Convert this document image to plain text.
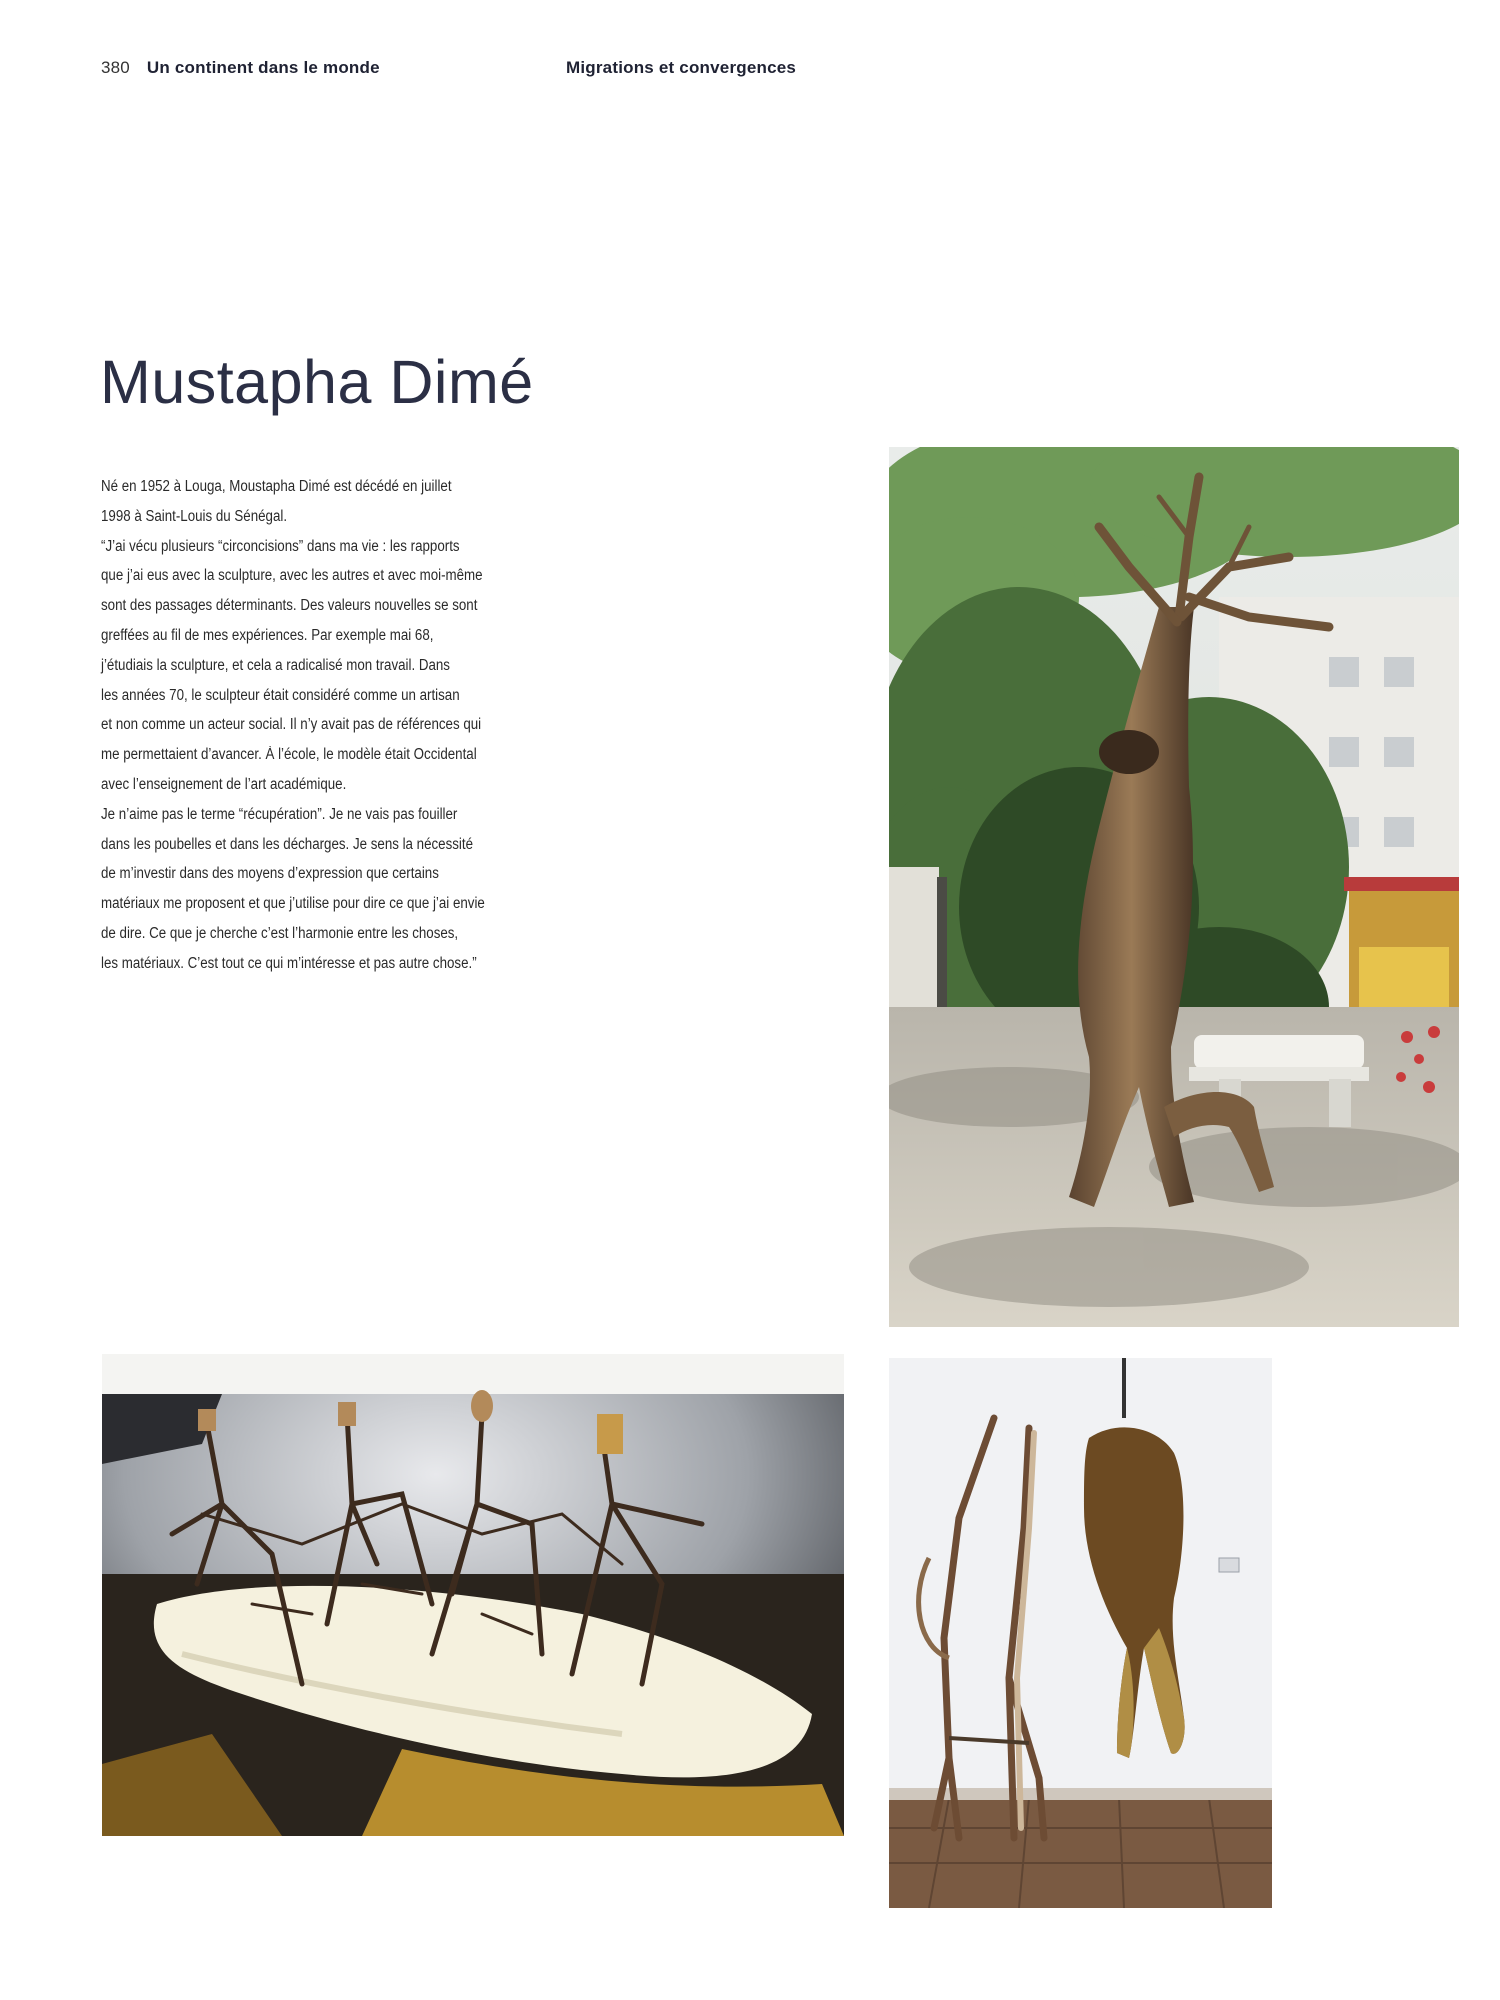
380 Un continent dans le monde	Migrations et convergences
Mustapha Dimé
Né en 1952 à Louga, Moustapha Dimé est décédé en juillet
1998 à Saint-Louis du Sénégal.
“J’ai vécu plusieurs “circoncisions” dans ma vie : les rapports
que j’ai eus avec la sculpture, avec les autres et avec moi-même
sont des passages déterminants. Des valeurs nouvelles se sont
greffées au fil de mes expériences. Par exemple mai 68,
j’étudiais la sculpture, et cela a radicalisé mon travail. Dans
les années 70, le sculpteur était considéré comme un artisan
et non comme un acteur social. Il n’y avait pas de références qui
me permettaient d’avancer. À l’école, le modèle était Occidental
avec l’enseignement de l’art académique.
Je n’aime pas le terme “récupération”. Je ne vais pas fouiller
dans les poubelles et dans les décharges. Je sens la nécessité
de m’investir dans des moyens d’expression que certains
matériaux me proposent et que j’utilise pour dire ce que j’ai envie
de dire. Ce que je cherche c’est l’harmonie entre les choses,
les matériaux. C’est tout ce qui m’intéresse et pas autre chose.”
